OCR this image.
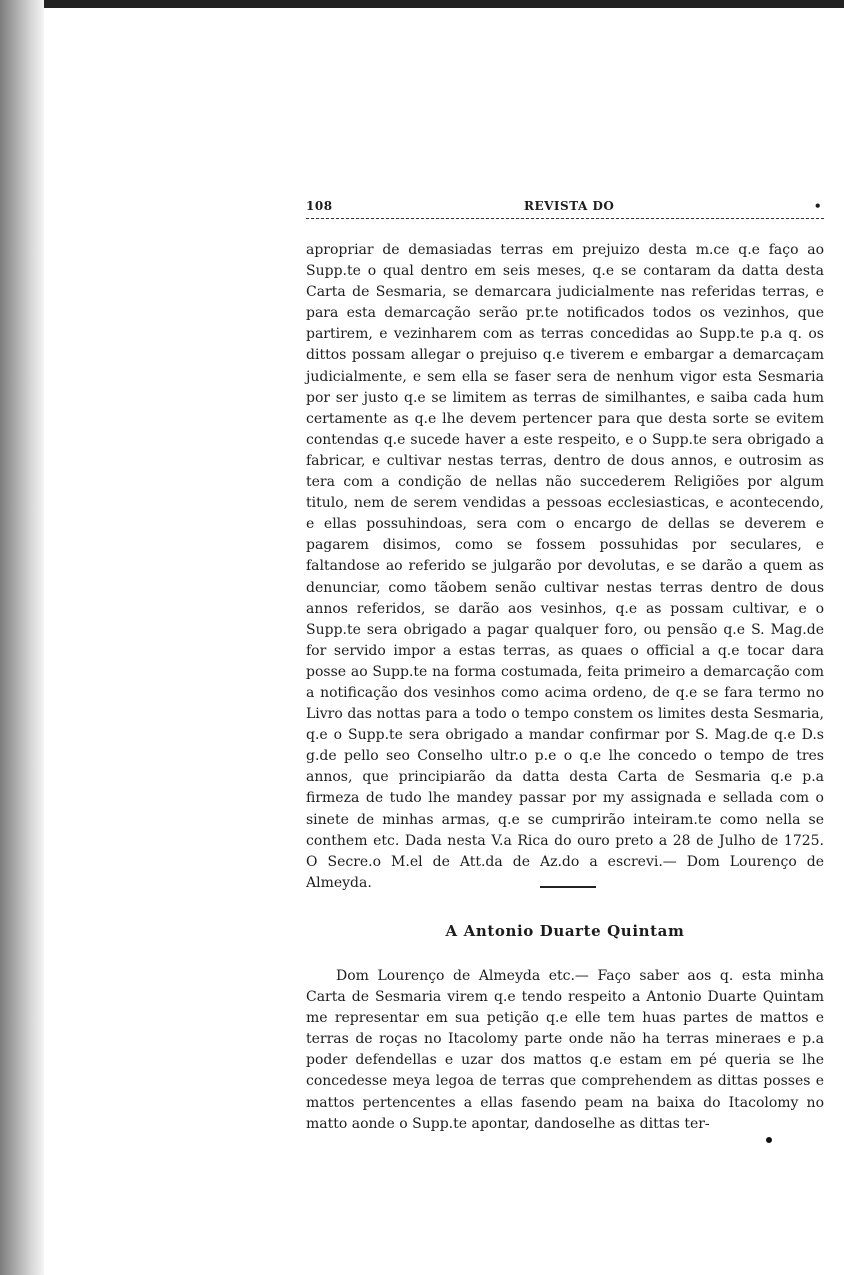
108	REVISTA DO	•

apropriar de demasiadas terras em prejuizo desta m.ce q.e faço ao Supp.te o qual dentro em seis meses, q.e se contaram da datta desta Carta de Sesmaria, se demarcara judicialmente nas referidas terras, e para esta demarcação serão pr.te notificados todos os vezinhos, que partirem, e vezinharem com as terras concedidas ao Supp.te p.a q. os dittos possam allegar o prejuiso q.e tiverem e embargar a demarcaçam judicialmente, e sem ella se faser sera de nenhum vigor esta Sesmaria por ser justo q.e se limitem as terras de similhantes, e saiba cada hum certamente as q.e lhe devem pertencer para que desta sorte se evitem contendas q.e sucede haver a este respeito, e o Supp.te sera obrigado a fabricar, e cultivar nestas terras, dentro de dous annos, e outrosim as tera com a condição de nellas não succederem Religiões por algum titulo, nem de serem vendidas a pessoas ecclesiasticas, e acontecendo, e ellas possuhindoas, sera com o encargo de dellas se deverem e pagarem disimos, como se fossem possuhidas por seculares, e faltandose ao referido se julgarão por devolutas, e se darão a quem as denunciar, como tãobem senão cultivar nestas terras dentro de dous annos referidos, se darão aos vesinhos, q.e as possam cultivar, e o Supp.te sera obrigado a pagar qualquer foro, ou pensão q.e S. Mag.de for servido impor a estas terras, as quaes o official a q.e tocar dara posse ao Supp.te na forma costumada, feita primeiro a demarcação com a notificação dos vesinhos como acima ordeno, de q.e se fara termo no Livro das nottas para a todo o tempo constem os limites desta Sesmaria, q.e o Supp.te sera obrigado a mandar confirmar por S. Mag.de q.e D.s g.de pello seo Conselho ultr.o p.e o q.e lhe concedo o tempo de tres annos, que principiarão da datta desta Carta de Sesmaria q.e p.a firmeza de tudo lhe mandey passar por my assignada e sellada com o sinete de minhas armas, q.e se cumprirão inteiram.te como nella se conthem etc. Dada nesta V.a Rica do ouro preto a 28 de Julho de 1725. O Secre.o M.el de Att.da de Az.do a escrevi.— Dom Lourenço de Almeyda.

A Antonio Duarte Quintam

Dom Lourenço de Almeyda etc.— Faço saber aos q. esta minha Carta de Sesmaria virem q.e tendo respeito a Antonio Duarte Quintam me representar em sua petição q.e elle tem huas partes de mattos e terras de roças no Itacolomy parte onde não ha terras mineraes e p.a poder defendellas e uzar dos mattos q.e estam em pé queria se lhe concedesse meya legoa de terras que comprehendem as dittas posses e mattos pertencentes a ellas fasendo peam na baixa do Itacolomy no matto aonde o Supp.te apontar, dandoselhe as dittas ter-
